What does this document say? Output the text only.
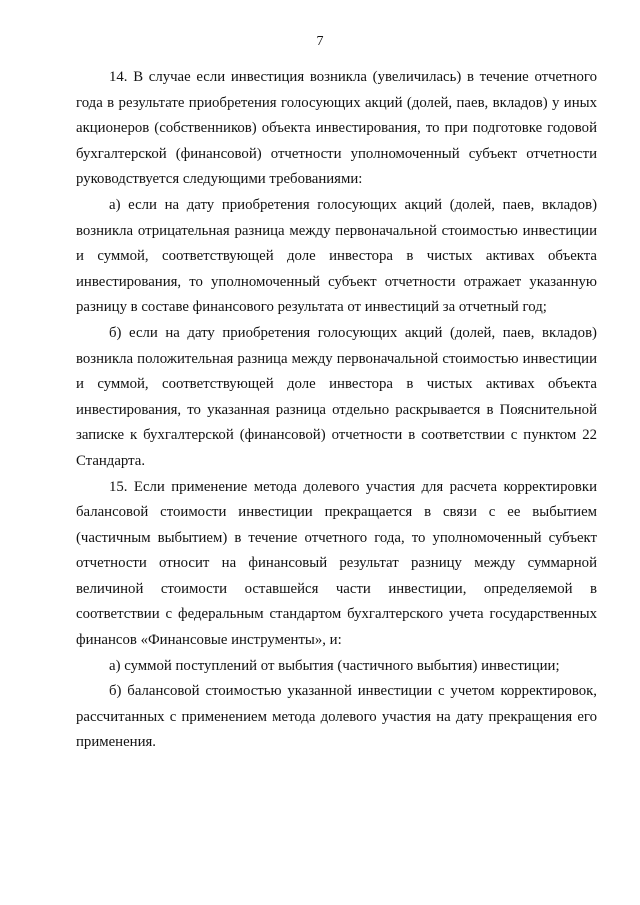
7

14. В случае если инвестиция возникла (увеличилась) в течение отчетного года в результате приобретения голосующих акций (долей, паев, вкладов) у иных акционеров (собственников) объекта инвестирования, то при подготовке годовой бухгалтерской (финансовой) отчетности уполномоченный субъект отчетности руководствуется следующими требованиями:

а) если на дату приобретения голосующих акций (долей, паев, вкладов) возникла отрицательная разница между первоначальной стоимостью инвестиции и суммой, соответствующей доле инвестора в чистых активах объекта инвестирования, то уполномоченный субъект отчетности отражает указанную разницу в составе финансового результата от инвестиций за отчетный год;

б) если на дату приобретения голосующих акций (долей, паев, вкладов) возникла положительная разница между первоначальной стоимостью инвестиции и суммой, соответствующей доле инвестора в чистых активах объекта инвестирования, то указанная разница отдельно раскрывается в Пояснительной записке к бухгалтерской (финансовой) отчетности в соответствии с пунктом 22 Стандарта.

15. Если применение метода долевого участия для расчета корректировки балансовой стоимости инвестиции прекращается в связи с ее выбытием (частичным выбытием) в течение отчетного года, то уполномоченный субъект отчетности относит на финансовый результат разницу между суммарной величиной стоимости оставшейся части инвестиции, определяемой в соответствии с федеральным стандартом бухгалтерского учета государственных финансов «Финансовые инструменты», и:

а) суммой поступлений от выбытия (частичного выбытия) инвестиции;

б) балансовой стоимостью указанной инвестиции с учетом корректировок, рассчитанных с применением метода долевого участия на дату прекращения его применения.
